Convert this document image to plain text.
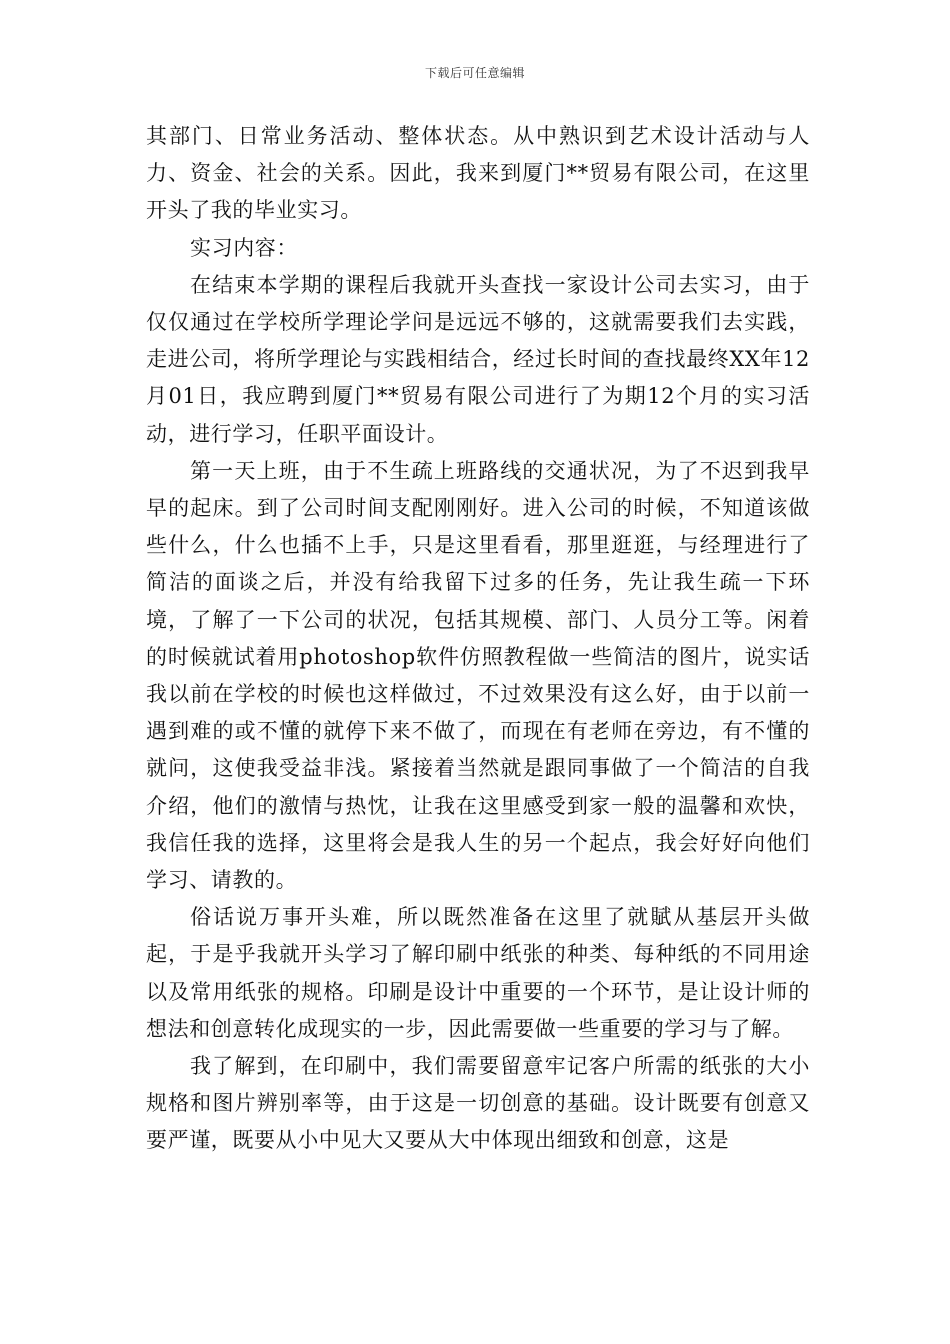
下载后可任意编辑

其部门、日常业务活动、整体状态。从中熟识到艺术设计活动与人力、资金、社会的关系。因此，我来到厦门**贸易有限公司，在这里开头了我的毕业实习。

实习内容：

在结束本学期的课程后我就开头查找一家设计公司去实习，由于仅仅通过在学校所学理论学问是远远不够的，这就需要我们去实践，走进公司，将所学理论与实践相结合，经过长时间的查找最终XX年12月01日，我应聘到厦门**贸易有限公司进行了为期12个月的实习活动，进行学习，任职平面设计。

第一天上班，由于不生疏上班路线的交通状况，为了不迟到我早早的起床。到了公司时间支配刚刚好。进入公司的时候，不知道该做些什么，什么也插不上手，只是这里看看，那里逛逛，与经理进行了简洁的面谈之后，并没有给我留下过多的任务，先让我生疏一下环境，了解了一下公司的状况，包括其规模、部门、人员分工等。闲着的时候就试着用photoshop软件仿照教程做一些简洁的图片，说实话我以前在学校的时候也这样做过，不过效果没有这么好，由于以前一遇到难的或不懂的就停下来不做了，而现在有老师在旁边，有不懂的就问，这使我受益非浅。紧接着当然就是跟同事做了一个简洁的自我介绍，他们的激情与热忱，让我在这里感受到家一般的温馨和欢快，我信任我的选择，这里将会是我人生的另一个起点，我会好好向他们学习、请教的。

俗话说万事开头难，所以既然准备在这里了就賦从基层开头做起，于是乎我就开头学习了解印刷中纸张的种类、每种纸的不同用途以及常用纸张的规格。印刷是设计中重要的一个环节，是让设计师的想法和创意转化成现实的一步，因此需要做一些重要的学习与了解。

我了解到，在印刷中，我们需要留意牢记客户所需的纸张的大小规格和图片辨别率等，由于这是一切创意的基础。设计既要有创意又要严谨，既要从小中见大又要从大中体现出细致和创意，这是
